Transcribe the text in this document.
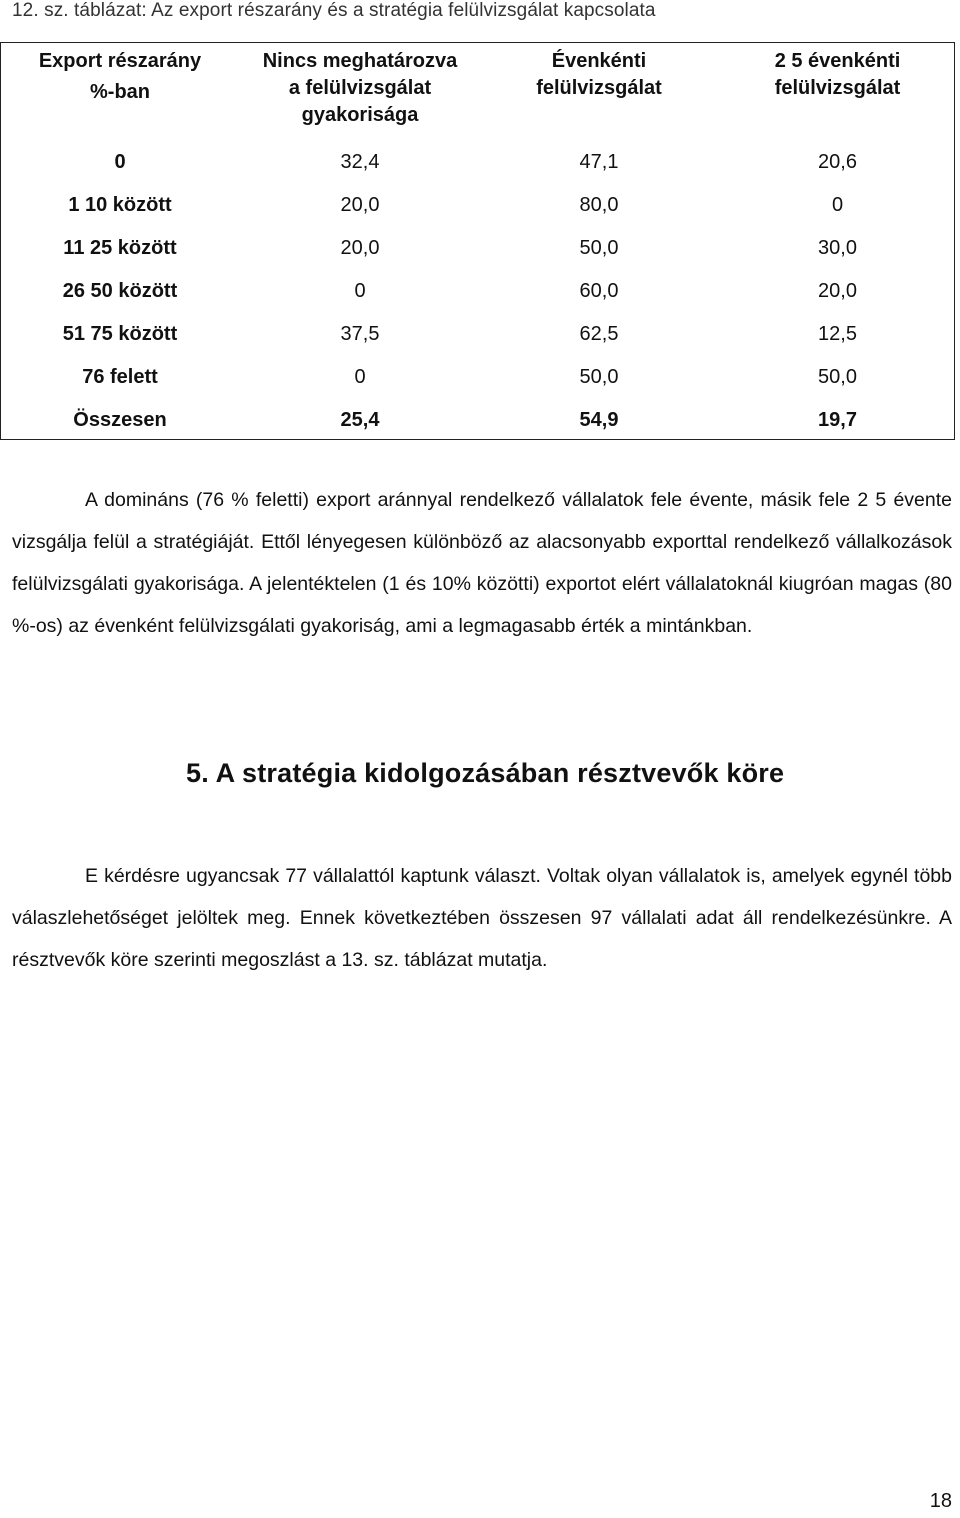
12. sz. táblázat: Az export részarány és a stratégia felülvizsgálat kapcsolata
Export részarány
%-ban	Nincs meghatározva a felülvizsgálat gyakorisága	Évenkénti felülvizsgálat	2 5 évenkénti felülvizsgálat

0	32,4	47,1	20,6
1 10 között	20,0	80,0	0
11 25 között	20,0	50,0	30,0
26 50 között	0	60,0	20,0
51 75 között	37,5	62,5	12,5
76 felett	0	50,0	50,0
Összesen	25,4	54,9	19,7
A domináns (76 % feletti) export aránnyal rendelkező vállalatok fele évente, másik fele 2 5 évente vizsgálja felül a stratégiáját. Ettől lényegesen különböző az alacsonyabb exporttal rendelkező vállalkozások felülvizsgálati gyakorisága. A jelentéktelen (1 és 10% közötti) exportot elért vállalatoknál kiugróan magas (80 %-os) az évenként felülvizsgálati gyakoriság, ami a legmagasabb érték a mintánkban.
5. A stratégia kidolgozásában résztvevők köre
E kérdésre ugyancsak 77 vállalattól kaptunk választ. Voltak olyan vállalatok is, amelyek egynél több válaszlehetőséget jelöltek meg. Ennek következtében összesen 97 vállalati adat áll rendelkezésünkre. A résztvevők köre szerinti megoszlást a 13. sz. táblázat mutatja.
18
